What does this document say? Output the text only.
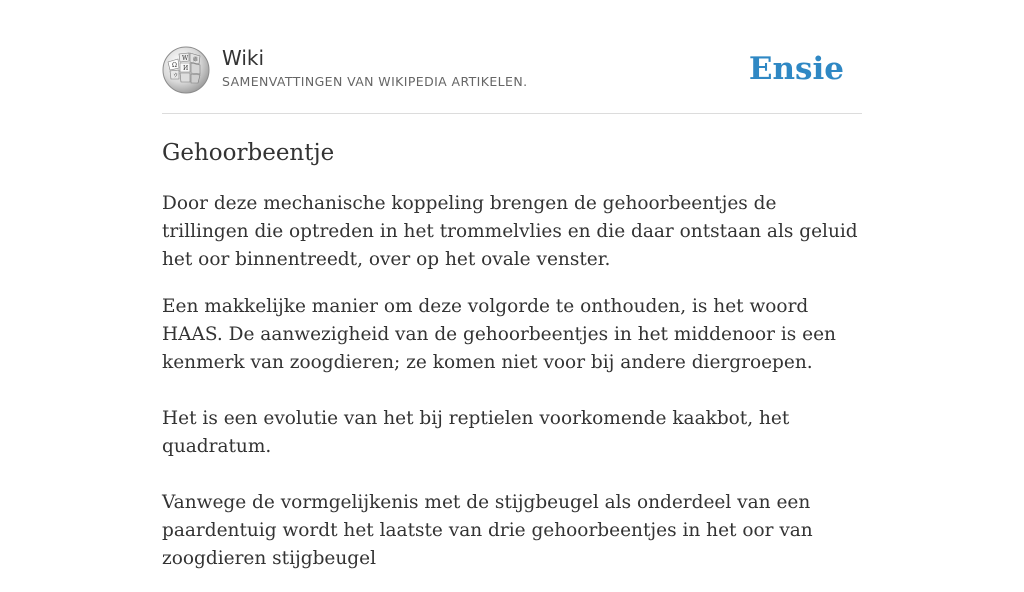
Ω
W
И
維
ウ
Wiki
SAMENVATTINGEN VAN WIKIPEDIA ARTIKELEN.	Ensie
Gehoorbeentje

Door deze mechanische koppeling brengen de gehoorbeentjes de trillingen die optreden in het trommelvlies en die daar ontstaan als geluid het oor binnentreedt, over op het ovale venster.

Een makkelijke manier om deze volgorde te onthouden, is het woord HAAS. De aanwezigheid van de gehoorbeentjes in het middenoor is een kenmerk van zoogdieren; ze komen niet voor bij andere diergroepen.

Het is een evolutie van het bij reptielen voorkomende kaakbot, het quadratum.

Vanwege de vormgelijkenis met de stijgbeugel als onderdeel van een paardentuig wordt het laatste van drie gehoorbeentjes in het oor van zoogdieren stijgbeugel
